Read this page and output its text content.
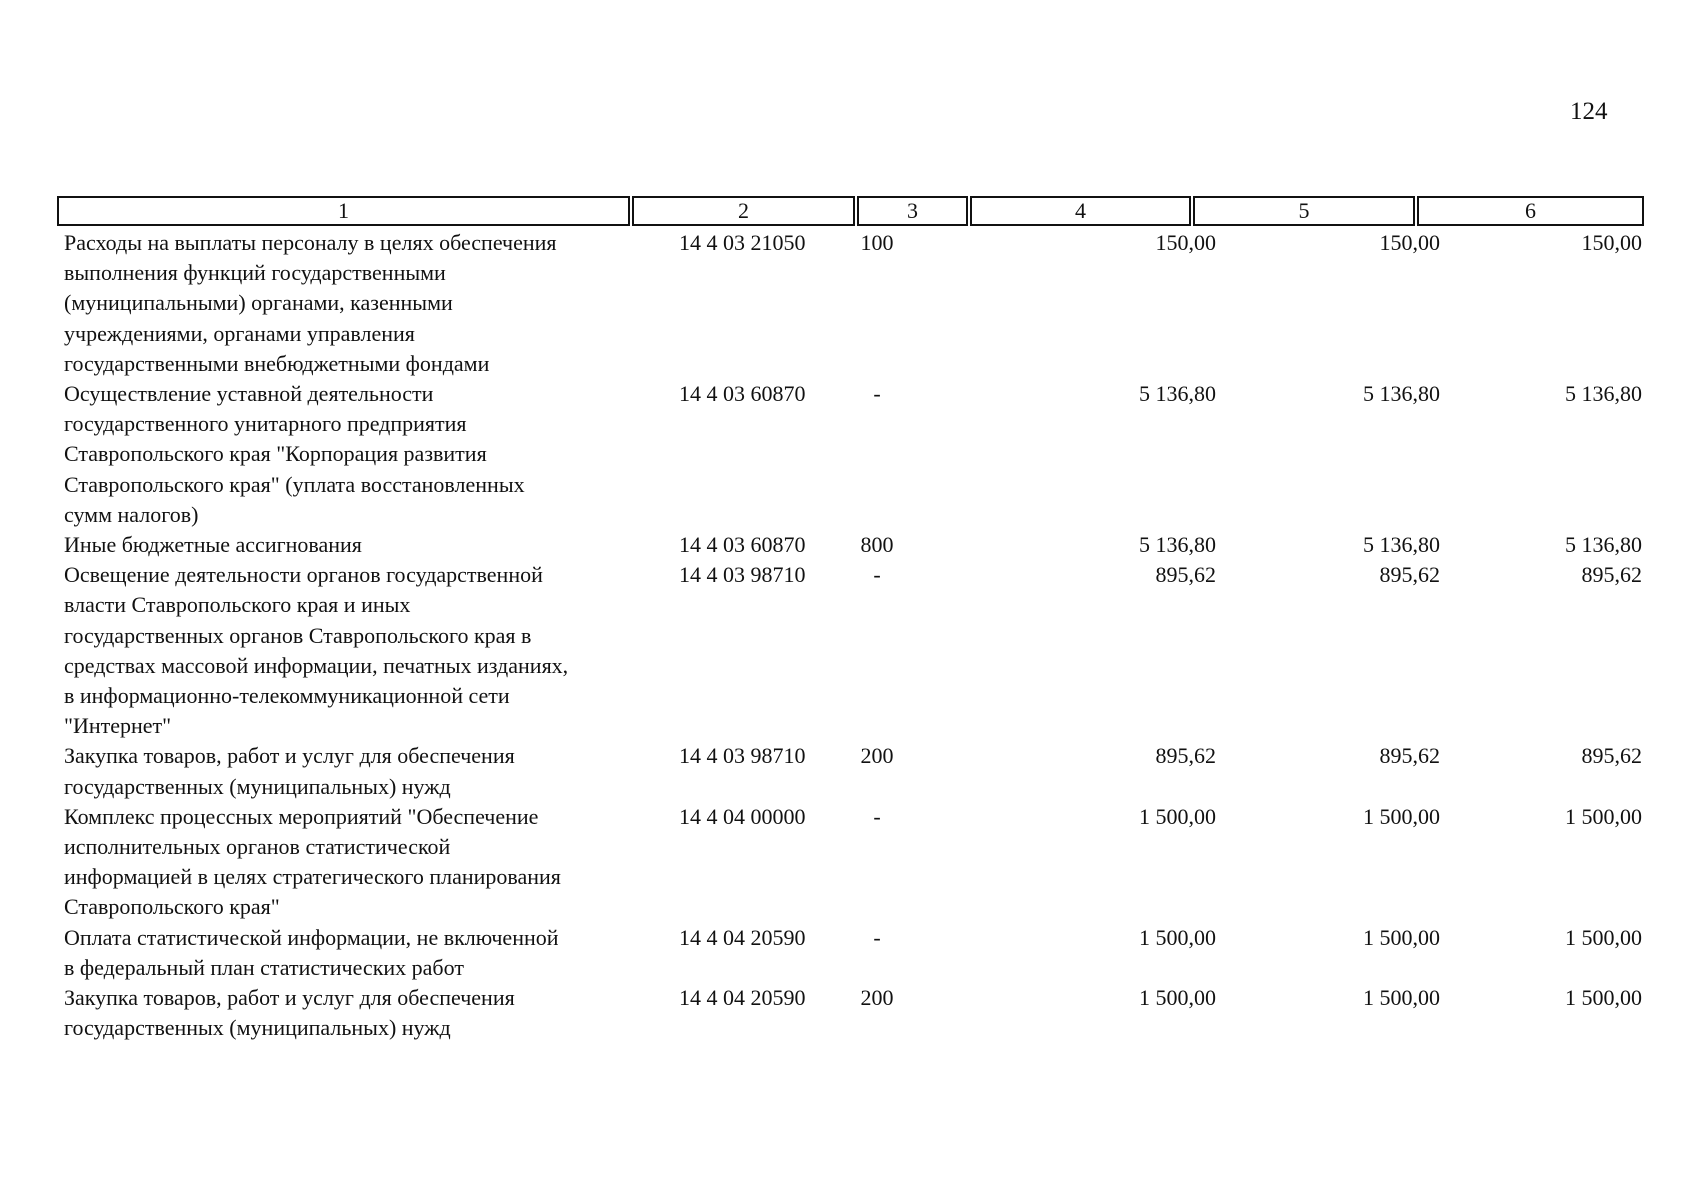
124
1	2	3	4	5	6
Расходы на выплаты персоналу в целях обеспечения
выполнения функций государственными
(муниципальными) органами, казенными
учреждениями, органами управления
государственными внебюджетными фондами
14 4 03 21050	100	150,00	150,00	150,00
Осуществление уставной деятельности
государственного унитарного предприятия
Ставропольского края "Корпорация развития
Ставропольского края" (уплата восстановленных
сумм налогов)
14 4 03 60870	-	5 136,80	5 136,80	5 136,80
Иные бюджетные ассигнования	14 4 03 60870	800	5 136,80	5 136,80	5 136,80
Освещение деятельности органов государственной
власти Ставропольского края и иных
государственных органов Ставропольского края в
средствах массовой информации, печатных изданиях,
в информационно-телекоммуникационной сети
"Интернет"
14 4 03 98710	-	895,62	895,62	895,62
Закупка товаров, работ и услуг для обеспечения
государственных (муниципальных) нужд
14 4 03 98710	200	895,62	895,62	895,62
Комплекс процессных мероприятий "Обеспечение
исполнительных органов статистической
информацией в целях стратегического планирования
Ставропольского края"
14 4 04 00000	-	1 500,00	1 500,00	1 500,00
Оплата статистической информации, не включенной
в федеральный план статистических работ
14 4 04 20590	-	1 500,00	1 500,00	1 500,00
Закупка товаров, работ и услуг для обеспечения
государственных (муниципальных) нужд
14 4 04 20590	200	1 500,00	1 500,00	1 500,00
